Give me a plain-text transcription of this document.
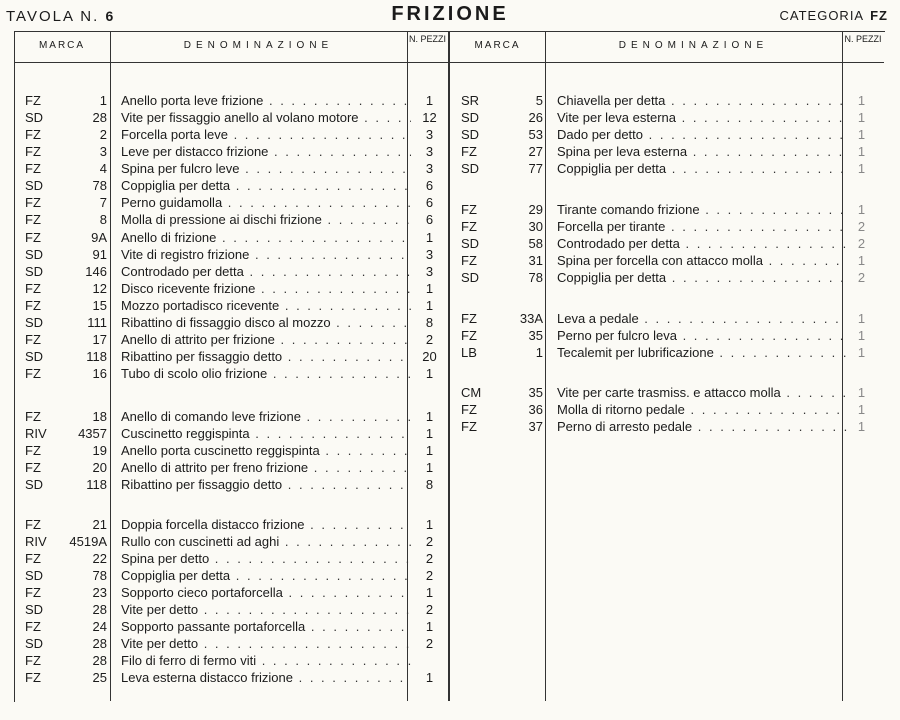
TAVOLA N. 6	FRIZIONE	CATEGORIA FZ
MARCA	DENOMINAZIONE
N. PEZZI
MARCA	DENOMINAZIONE
N. PEZZI
FZ	1 Anello porta leve frizione . . .	1
SD	28 Vite per fissaggio anello al volano motore . . .	12
FZ	2 Forcella porta leve . . .	3
FZ	3 Leve per distacco frizione . . .	3
FZ	4 Spina per fulcro leve . . .	3
SD	78 Coppiglia per detta . . .	6
FZ	7 Perno guidamolla . . .	6
FZ	8 Molla di pressione ai dischi frizione . . .	6
FZ	9A Anello di frizione . . .	1
SD	91 Vite di registro frizione . . .	3
SD	146 Controdado per detta . . .	3
FZ	12 Disco ricevente frizione . . .	1
FZ	15 Mozzo portadisco ricevente . . .	1
SD	111 Ribattino di fissaggio disco al mozzo . . .	8
FZ	17 Anello di attrito per frizione . . .	2
SD	118 Ribattino per fissaggio detto . . .	20
FZ	16 Tubo di scolo olio frizione . . .	1
FZ	18 Anello di comando leve frizione . . .	1
RIV	4357 Cuscinetto reggispinta . . .	1
FZ	19 Anello porta cuscinetto reggispinta . . .	1
FZ	20 Anello di attrito per freno frizione . . .	1
SD	118 Ribattino per fissaggio detto . . .	8
FZ	21 Doppia forcella distacco frizione . . .	1
RIV	4519A Rullo con cuscinetti ad aghi . . .	2
FZ	22 Spina per detto . . .	2
SD	78 Coppiglia per detta . . .	2
FZ	23 Sopporto cieco portaforcella . . .	1
SD	28 Vite per detto . . .	2
FZ	24 Sopporto passante portaforcella . . .	1
SD	28 Vite per detto . . .	2
FZ	28 Filo di ferro di fermo viti . . .
FZ	25 Leva esterna distacco frizione . . .	1
SR	5 Chiavella per detta . . .	1
SD	26 Vite per leva esterna . . .	1
SD	53 Dado per detto . . .	1
FZ	27 Spina per leva esterna . . .	1
SD	77 Coppiglia per detta . . .	1
FZ	29 Tirante comando frizione . . .	1
FZ	30 Forcella per tirante . . .	2
SD	58 Controdado per detta . . .	2
FZ	31 Spina per forcella con attacco molla . . .	1
SD	78 Coppiglia per detta . . .	2
FZ	33A Leva a pedale . . .	1
FZ	35 Perno per fulcro leva . . .	1
LB	1 Tecalemit per lubrificazione . . .	1
CM	35 Vite per carte trasmiss. e attacco molla . . .	1
FZ	36 Molla di ritorno pedale . . .	1
FZ	37 Perno di arresto pedale . . .	1
